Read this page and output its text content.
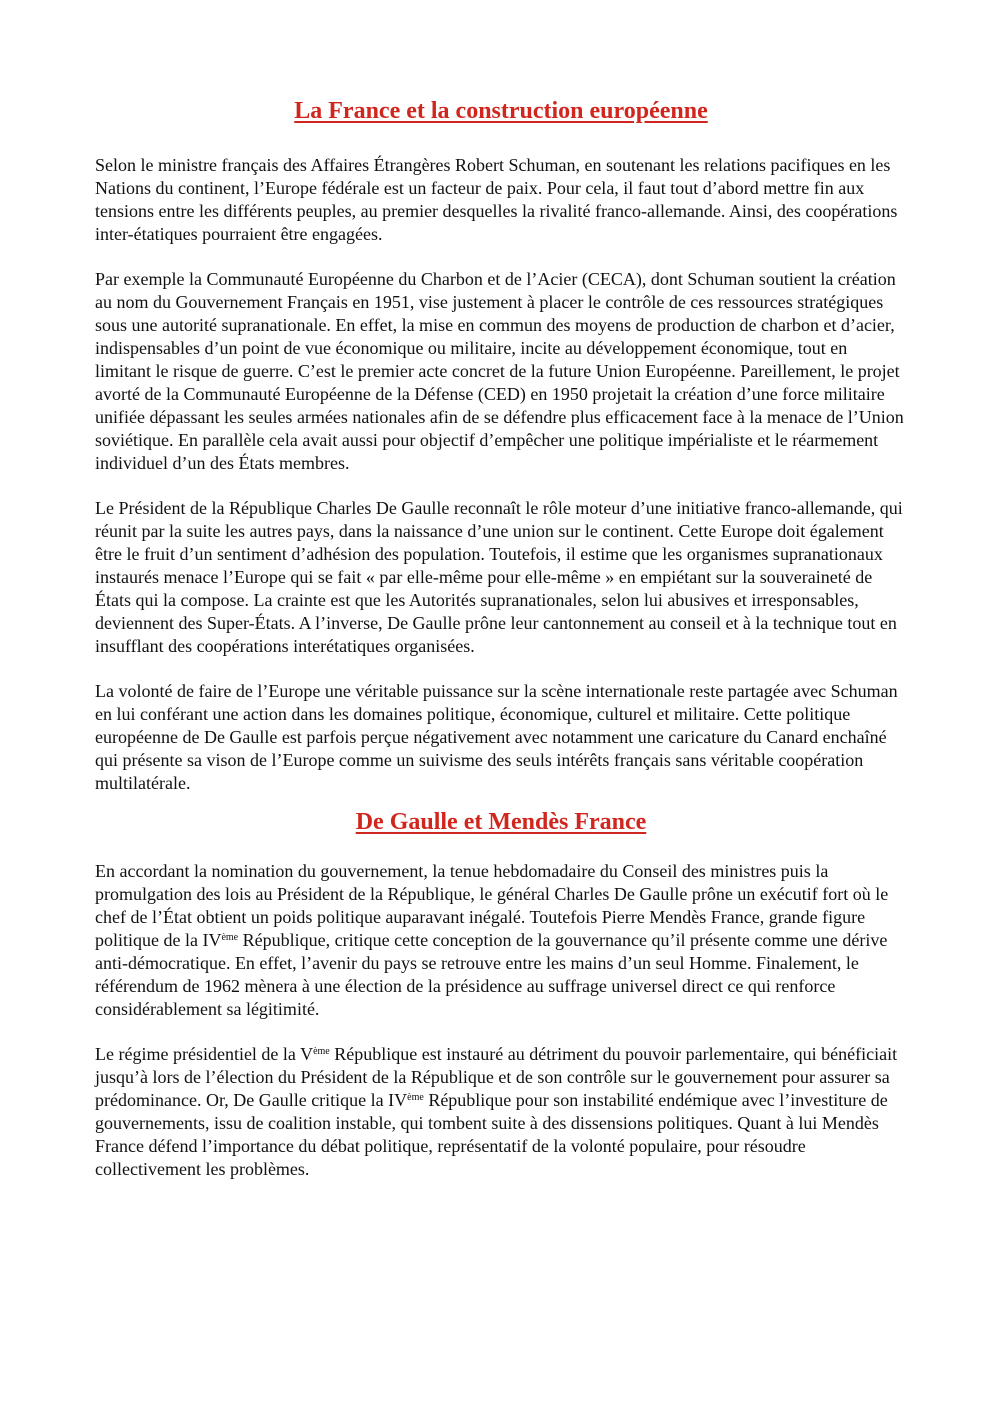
La France et la construction européenne

Selon le ministre français des Affaires Étrangères Robert Schuman, en soutenant les relations pacifiques en les Nations du continent, l’Europe fédérale est un facteur de paix. Pour cela, il faut tout d’abord mettre fin aux tensions entre les différents peuples, au premier desquelles la rivalité franco-allemande. Ainsi, des coopérations inter-étatiques pourraient être engagées.

Par exemple la Communauté Européenne du Charbon et de l’Acier (CECA), dont Schuman soutient la création au nom du Gouvernement Français en 1951, vise justement à placer le contrôle de ces ressources stratégiques sous une autorité supranationale. En effet, la mise en commun des moyens de production de charbon et d’acier, indispensables d’un point de vue économique ou militaire, incite au développement économique, tout en limitant le risque de guerre. C’est le premier acte concret de la future Union Européenne. Pareillement, le projet avorté de la Communauté Européenne de la Défense (CED) en 1950 projetait la création d’une force militaire unifiée dépassant les seules armées nationales afin de se défendre plus efficacement face à la menace de l’Union soviétique. En parallèle cela avait aussi pour objectif d’empêcher une politique impérialiste et le réarmement individuel d’un des États membres.

Le Président de la République Charles De Gaulle reconnaît le rôle moteur d’une initiative franco-allemande, qui réunit par la suite les autres pays, dans la naissance d’une union sur le continent. Cette Europe doit également être le fruit d’un sentiment d’adhésion des population. Toutefois, il estime que les organismes supranationaux instaurés menace l’Europe qui se fait « par elle-même pour elle-même » en empiétant sur la souveraineté de États qui la compose. La crainte est que les Autorités supranationales, selon lui abusives et irresponsables, deviennent des Super-États. A l’inverse, De Gaulle prône leur cantonnement au conseil et à la technique tout en insufflant des coopérations interétatiques organisées.

La volonté de faire de l’Europe une véritable puissance sur la scène internationale reste partagée avec Schuman en lui conférant une action dans les domaines politique, économique, culturel et militaire. Cette politique européenne de De Gaulle est parfois perçue négativement avec notamment une caricature du Canard enchaîné qui présente sa vison de l’Europe comme un suivisme des seuls intérêts français sans véritable coopération multilatérale.

De Gaulle et Mendès France

En accordant la nomination du gouvernement, la tenue hebdomadaire du Conseil des ministres puis la promulgation des lois au Président de la République, le général Charles De Gaulle prône un exécutif fort où le chef de l’État obtient un poids politique auparavant inégalé. Toutefois Pierre Mendès France, grande figure politique de la IVème République, critique cette conception de la gouvernance qu’il présente comme une dérive anti-démocratique. En effet, l’avenir du pays se retrouve entre les mains d’un seul Homme. Finalement, le référendum de 1962 mènera à une élection de la présidence au suffrage universel direct ce qui renforce considérablement sa légitimité.

Le régime présidentiel de la Vème République est instauré au détriment du pouvoir parlementaire, qui bénéficiait jusqu’à lors de l’élection du Président de la République et de son contrôle sur le gouvernement pour assurer sa prédominance. Or, De Gaulle critique la IVème République pour son instabilité endémique avec l’investiture de gouvernements, issu de coalition instable, qui tombent suite à des dissensions politiques. Quant à lui Mendès France défend l’importance du débat politique, représentatif de la volonté populaire, pour résoudre collectivement les problèmes.
